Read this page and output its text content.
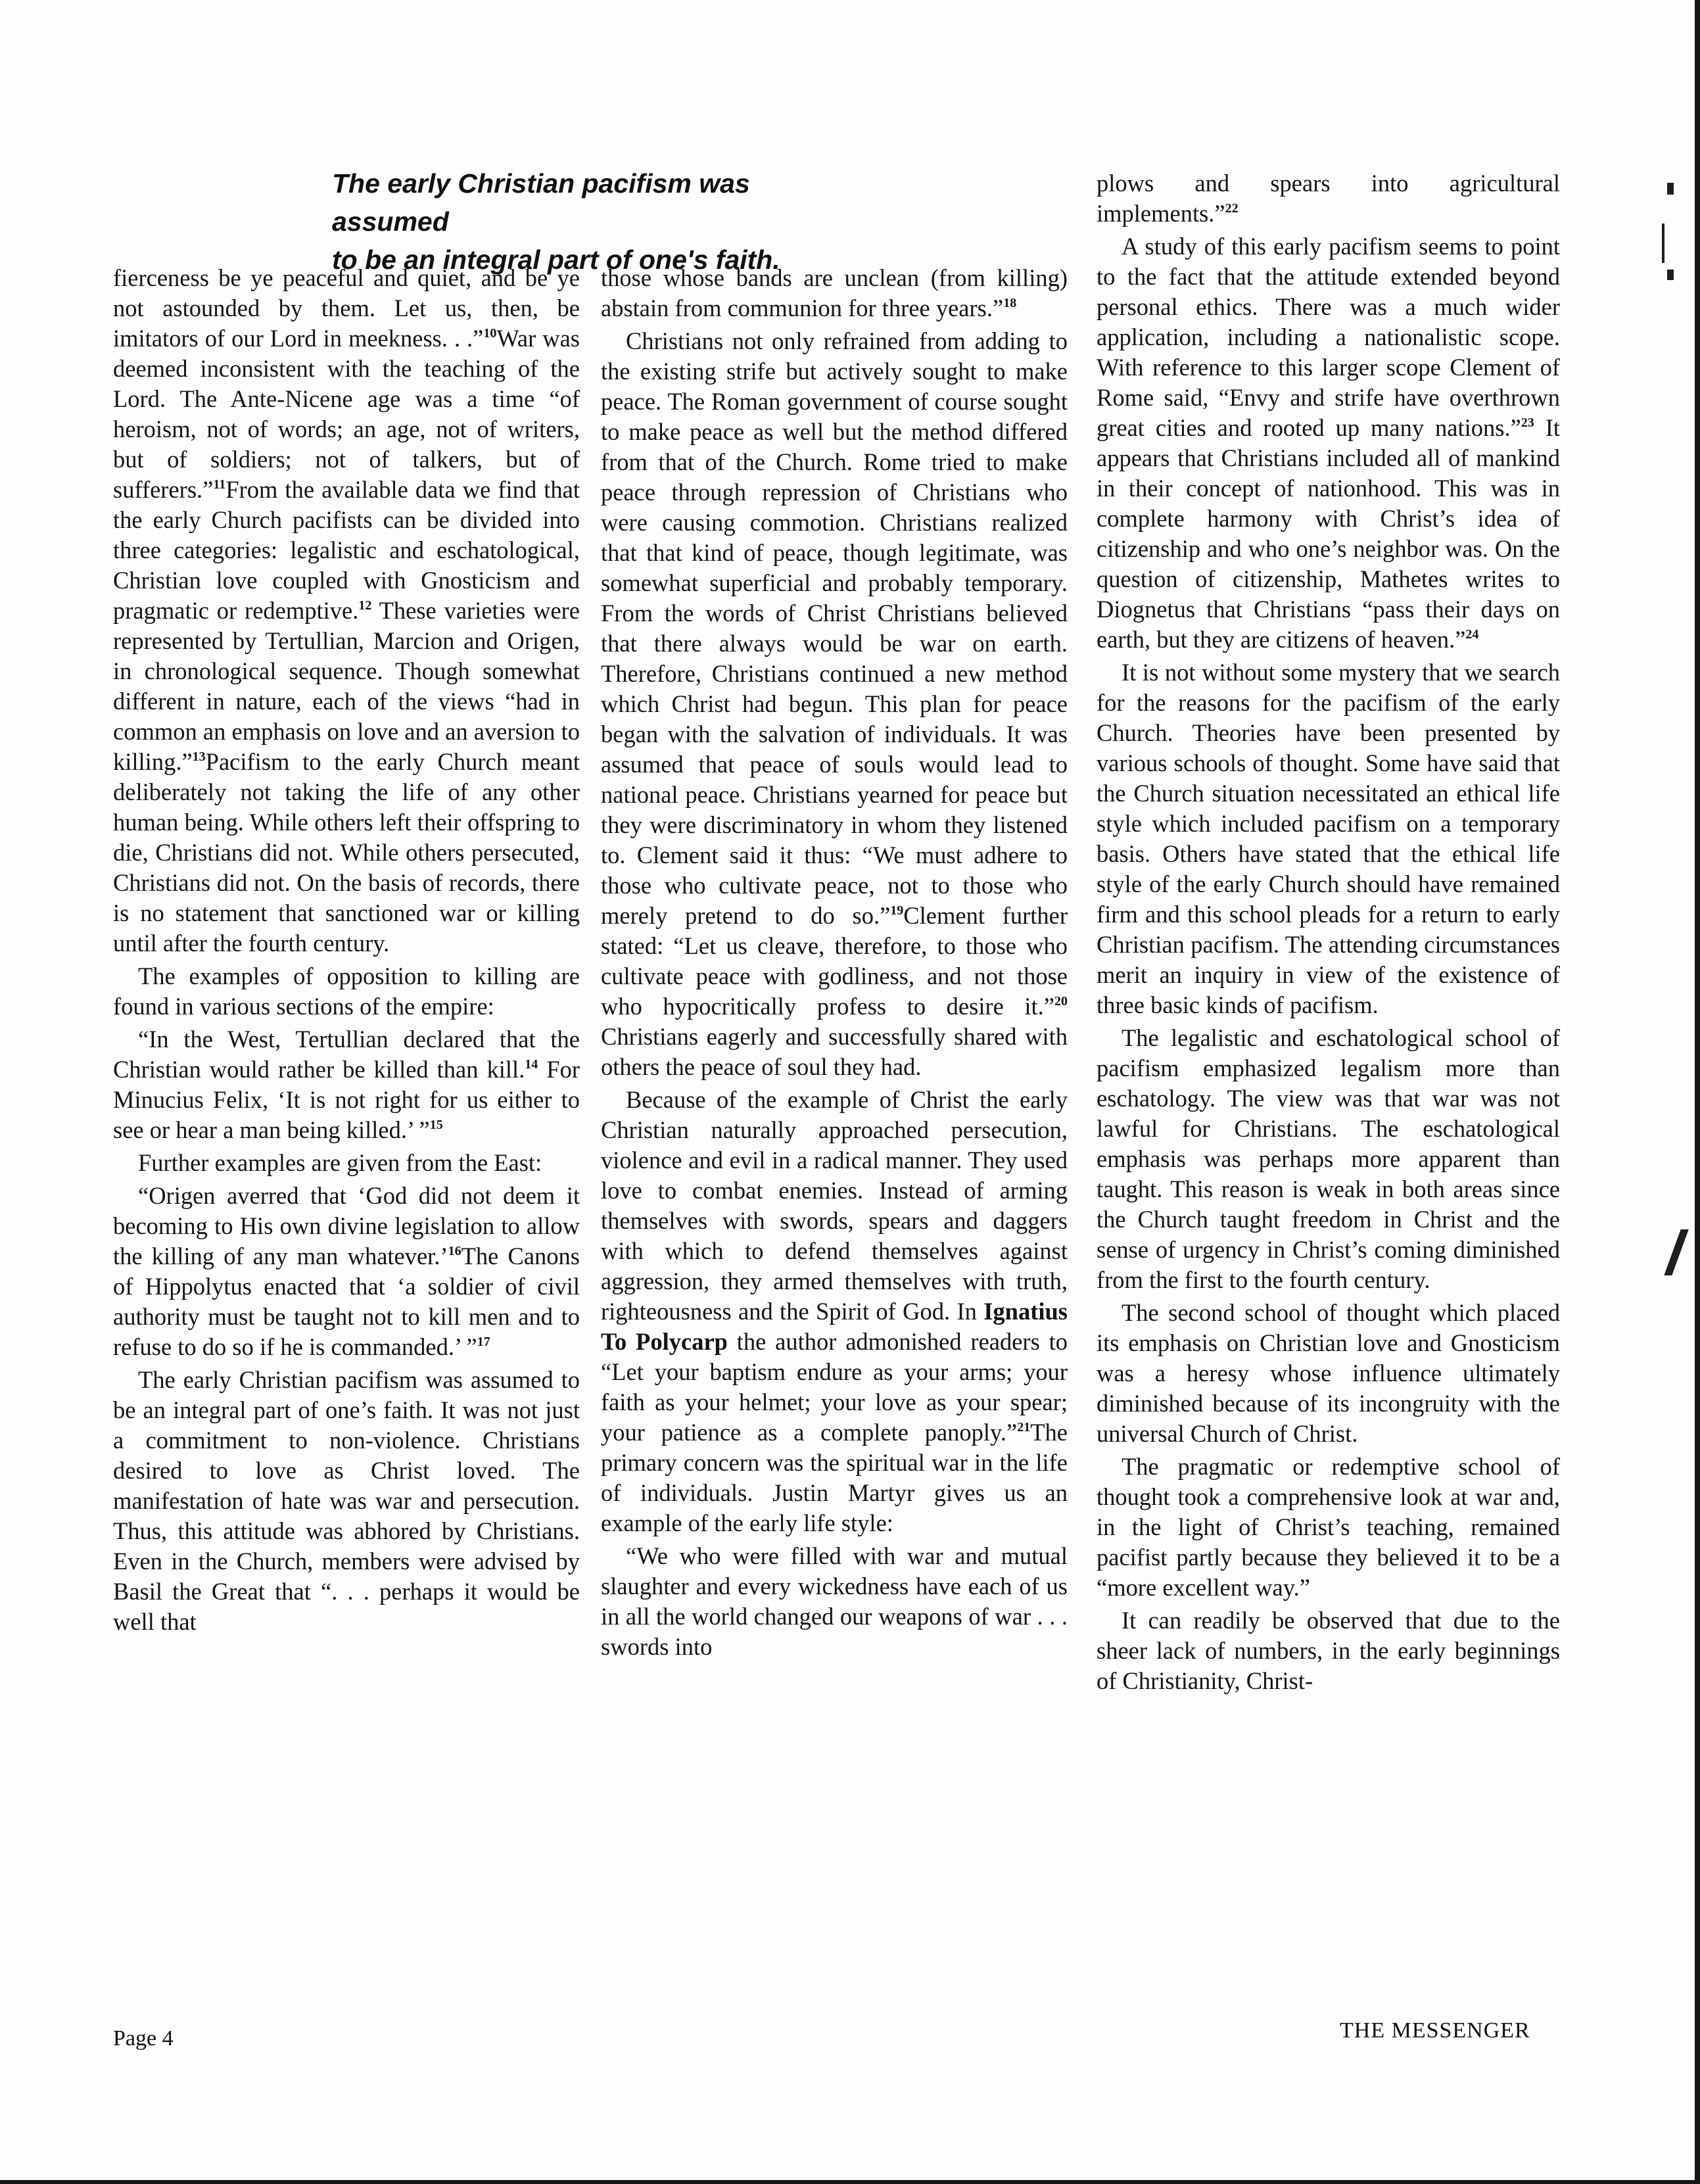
The early Christian pacifism was assumed
to be an integral part of one's faith.

fierceness be ye peaceful and quiet, and be ye not astounded by them. Let us, then, be imitators of our Lord in meekness. . .”$^{10}$War was deemed inconsistent with the teaching of the Lord. The Ante-Nicene age was a time “of heroism, not of words; an age, not of writers, but of soldiers; not of talkers, but of sufferers.”$^{11}$From the available data we find that the early Church pacifists can be divided into three categories: legalistic and eschatological, Christian love coupled with Gnosticism and pragmatic or redemptive.$^{12}$ These varieties were represented by Tertullian, Marcion and Origen, in chronological sequence. Though somewhat different in nature, each of the views “had in common an emphasis on love and an aversion to killing.”$^{13}$Pacifism to the early Church meant deliberately not taking the life of any other human being. While others left their offspring to die, Christians did not. While others persecuted, Christians did not. On the basis of records, there is no statement that sanctioned war or killing until after the fourth century.

The examples of opposition to killing are found in various sections of the empire:

“In the West, Tertullian declared that the Christian would rather be killed than kill.$^{14}$ For Minucius Felix, ‘It is not right for us either to see or hear a man being killed.’ ”$^{15}$

Further examples are given from the East:

“Origen averred that ‘God did not deem it becoming to His own divine legislation to allow the killing of any man whatever.’$^{16}$The Canons of Hippolytus enacted that ‘a soldier of civil authority must be taught not to kill men and to refuse to do so if he is commanded.’ ”$^{17}$

The early Christian pacifism was assumed to be an integral part of one’s faith. It was not just a commitment to non-violence. Christians desired to love as Christ loved. The manifestation of hate was war and persecution. Thus, this attitude was abhored by Christians. Even in the Church, members were advised by Basil the Great that “. . . perhaps it would be well that

those whose bands are unclean (from killing) abstain from communion for three years.”$^{18}$

Christians not only refrained from adding to the existing strife but actively sought to make peace. The Roman government of course sought to make peace as well but the method differed from that of the Church. Rome tried to make peace through repression of Christians who were causing commotion. Christians realized that that kind of peace, though legitimate, was somewhat superficial and probably temporary. From the words of Christ Christians believed that there always would be war on earth. Therefore, Christians continued a new method which Christ had begun. This plan for peace began with the salvation of individuals. It was assumed that peace of souls would lead to national peace. Christians yearned for peace but they were discriminatory in whom they listened to. Clement said it thus: “We must adhere to those who cultivate peace, not to those who merely pretend to do so.”$^{19}$Clement further stated: “Let us cleave, therefore, to those who cultivate peace with godliness, and not those who hypocritically profess to desire it.”$^{20}$ Christians eagerly and successfully shared with others the peace of soul they had.

Because of the example of Christ the early Christian naturally approached persecution, violence and evil in a radical manner. They used love to combat enemies. Instead of arming themselves with swords, spears and daggers with which to defend themselves against aggression, they armed themselves with truth, righteousness and the Spirit of God. In Ignatius To Polycarp the author admonished readers to “Let your baptism endure as your arms; your faith as your helmet; your love as your spear; your patience as a complete panoply.”$^{21}$The primary concern was the spiritual war in the life of individuals. Justin Martyr gives us an example of the early life style:

“We who were filled with war and mutual slaughter and every wickedness have each of us in all the world changed our weapons of war . . . swords into

plows and spears into agricultural implements.”$^{22}$

A study of this early pacifism seems to point to the fact that the attitude extended beyond personal ethics. There was a much wider application, including a nationalistic scope. With reference to this larger scope Clement of Rome said, “Envy and strife have overthrown great cities and rooted up many nations.”$^{23}$ It appears that Christians included all of mankind in their concept of nationhood. This was in complete harmony with Christ’s idea of citizenship and who one’s neighbor was. On the question of citizenship, Mathetes writes to Diognetus that Christians “pass their days on earth, but they are citizens of heaven.”$^{24}$

It is not without some mystery that we search for the reasons for the pacifism of the early Church. Theories have been presented by various schools of thought. Some have said that the Church situation necessitated an ethical life style which included pacifism on a temporary basis. Others have stated that the ethical life style of the early Church should have remained firm and this school pleads for a return to early Christian pacifism. The attending circumstances merit an inquiry in view of the existence of three basic kinds of pacifism.

The legalistic and eschatological school of pacifism emphasized legalism more than eschatology. The view was that war was not lawful for Christians. The eschatological emphasis was perhaps more apparent than taught. This reason is weak in both areas since the Church taught freedom in Christ and the sense of urgency in Christ’s coming diminished from the first to the fourth century.

The second school of thought which placed its emphasis on Christian love and Gnosticism was a heresy whose influence ultimately diminished because of its incongruity with the universal Church of Christ.

The pragmatic or redemptive school of thought took a comprehensive look at war and, in the light of Christ’s teaching, remained pacifist partly because they believed it to be a “more excellent way.”

It can readily be observed that due to the sheer lack of numbers, in the early beginnings of Christianity, Christ-

Page 4	THE MESSENGER
